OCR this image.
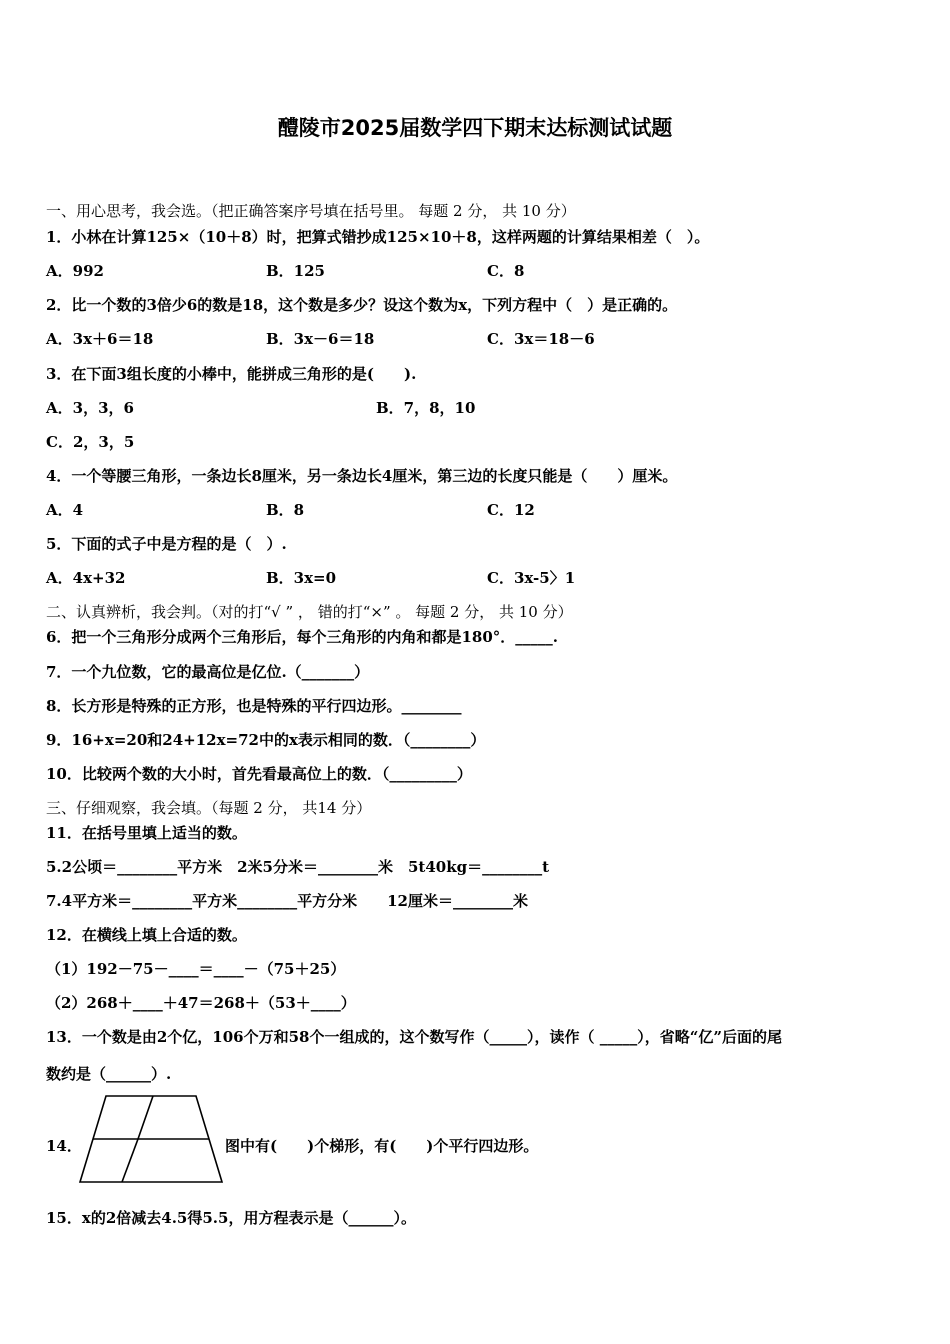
醴陵市2025届数学四下期末达标测试试题
一、用心思考，我会选。（把正确答案序号填在括号里。 每题 2 分， 共 10 分）
1．小林在计算125×（10＋8）时，把算式错抄成125×10＋8，这样两题的计算结果相差（　）。
A．992	B．125	C．8
2．比一个数的3倍少6的数是18，这个数是多少？设这个数为x，下列方程中（　）是正确的。
A．3x＋6＝18	B．3x－6＝18	C．3x＝18－6
3．在下面3组长度的小棒中，能拼成三角形的是(　　).
A．3，3，6	B．7，8，10
C．2，3，5
4．一个等腰三角形，一条边长8厘米，另一条边长4厘米，第三边的长度只能是（　　）厘米。
A．4	B．8	C．12
5．下面的式子中是方程的是（　）.
A．4x+32	B．3x=0	C．3x-5〉1
二、认真辨析，我会判。（对的打“√ ” ， 错的打“×” 。 每题 2 分， 共 10 分）
6．把一个三角形分成两个三角形后，每个三角形的内角和都是180°．_____.
7．一个九位数，它的最高位是亿位.（_______）
8．长方形是特殊的正方形，也是特殊的平行四边形。________
9．16+x=20和24+12x=72中的x表示相同的数．（________）
10．比较两个数的大小时，首先看最高位上的数．（_________）
三、仔细观察，我会填。（每题 2 分， 共14 分）
11．在括号里填上适当的数。
5.2公顷＝________平方米　2米5分米＝________米　5t40kg＝________t
7.4平方米＝________平方米________平方分米　　12厘米＝________米
12．在横线上填上合适的数。
（1）192－75－____＝____－（75＋25）
（2）268＋____＋47＝268＋（53＋____）
13．一个数是由2个亿，106个万和58个一组成的，这个数写作（_____），读作（ _____），省略“亿”后面的尾
数约是（______）.
14．	图中有(　　)个梯形，有(　　)个平行四边形。
15．x的2倍减去4.5得5.5，用方程表示是（______）。
